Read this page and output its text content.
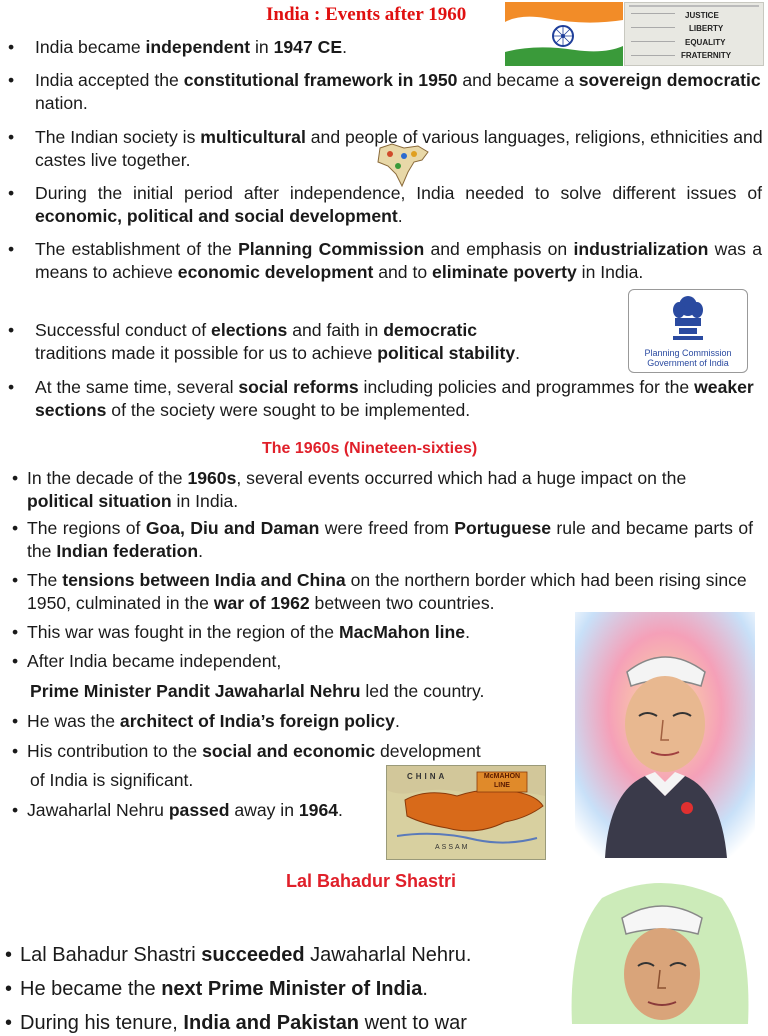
India : Events after 1960	JUSTICE
LIBERTY
EQUALITY
FRATERNITY
• India became independent in 1947 CE.
• India accepted the constitutional framework in 1950 and became a sovereign democratic nation.
• The Indian society is multicultural and people of various languages, religions, ethnicities and castes live together.
• During the initial period after independence, India needed to solve different issues of economic, political and social development.
• The establishment of the Planning Commission and emphasis on industrialization was a means to achieve economic development and to eliminate poverty in India.
• Successful conduct of elections and faith in democratic
traditions made it possible for us to achieve political stability.	Planning Commission
Government of India
• At the same time, several social reforms including policies and programmes for the weaker sections of the society were sought to be implemented.
The 1960s (Nineteen-sixties)
• In the decade of the 1960s, several events occurred which had a huge impact on the political situation in India.
• The regions of Goa, Diu and Daman were freed from Portuguese rule and became parts of the Indian federation.
• The tensions between India and China on the northern border which had been rising since 1950, culminated in the war of 1962 between two countries.
• This war was fought in the region of the MacMahon line.
• After India became independent,
Prime Minister Pandit Jawaharlal Nehru led the country.
• He was the architect of India’s foreign policy.
• His contribution to the social and economic development
of India is significant.
• Jawaharlal Nehru passed away in 1964.
CHINA	McMAHON
LINE
ASSAM
Lal Bahadur Shastri
• Lal Bahadur Shastri succeeded Jawaharlal Nehru.
• He became the next Prime Minister of India.
• During his tenure, India and Pakistan went to war
